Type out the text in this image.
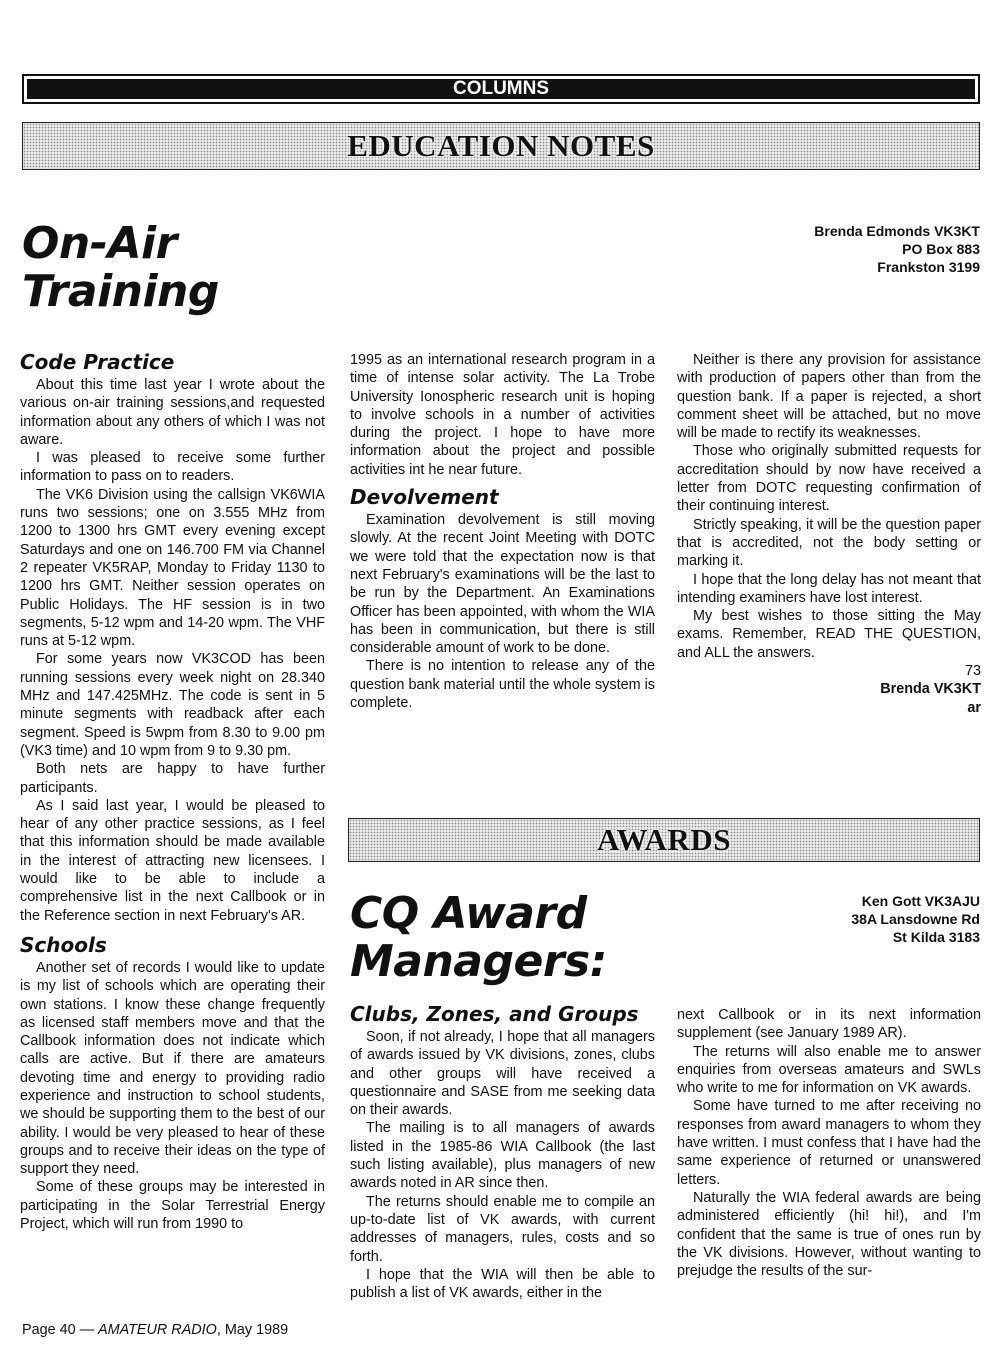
COLUMNS
EDUCATION NOTES
On-Air
Training
Brenda Edmonds VK3KT
PO Box 883
Frankston 3199
Code Practice

About this time last year I wrote about the various on-air training sessions,and requested information about any others of which I was not aware.

I was pleased to receive some further information to pass on to readers.

The VK6 Division using the callsign VK6WIA runs two sessions; one on 3.555 MHz from 1200 to 1300 hrs GMT every evening except Saturdays and one on 146.700 FM via Channel 2 repeater VK5RAP, Monday to Friday 1130 to 1200 hrs GMT. Neither session operates on Public Holidays. The HF session is in two segments, 5-12 wpm and 14-20 wpm. The VHF runs at 5-12 wpm.

For some years now VK3COD has been running sessions every week night on 28.340 MHz and 147.425MHz. The code is sent in 5 minute segments with readback after each segment. Speed is 5wpm from 8.30 to 9.00 pm (VK3 time) and 10 wpm from 9 to 9.30 pm.

Both nets are happy to have further participants.

As I said last year, I would be pleased to hear of any other practice sessions, as I feel that this information should be made available in the interest of attracting new licensees. I would like to be able to include a comprehensive list in the next Callbook or in the Reference section in next February's AR.

Schools

Another set of records I would like to update is my list of schools which are operating their own stations. I know these change frequently as licensed staff members move and that the Callbook information does not indicate which calls are active. But if there are amateurs devoting time and energy to providing radio experience and instruction to school students, we should be supporting them to the best of our ability. I would be very pleased to hear of these groups and to receive their ideas on the type of support they need.

Some of these groups may be interested in participating in the Solar Terrestrial Energy Project, which will run from 1990 to

1995 as an international research program in a time of intense solar activity. The La Trobe University Ionospheric research unit is hoping to involve schools in a number of activities during the project. I hope to have more information about the project and possible activities int he near future.

Devolvement

Examination devolvement is still moving slowly. At the recent Joint Meeting with DOTC we were told that the expectation now is that next February's examinations will be the last to be run by the Department. An Examinations Officer has been appointed, with whom the WIA has been in communication, but there is still considerable amount of work to be done.

There is no intention to release any of the question bank material until the whole system is complete.

Neither is there any provision for assistance with production of papers other than from the question bank. If a paper is rejected, a short comment sheet will be attached, but no move will be made to rectify its weaknesses.

Those who originally submitted requests for accreditation should by now have received a letter from DOTC requesting confirmation of their continuing interest.

Strictly speaking, it will be the question paper that is accredited, not the body setting or marking it.

I hope that the long delay has not meant that intending examiners have lost interest.

My best wishes to those sitting the May exams. Remember, READ THE QUESTION, and ALL the answers.

73

Brenda VK3KT

ar

AWARDS
CQ Award
Managers:
Ken Gott VK3AJU
38A Lansdowne Rd
St Kilda 3183
Clubs, Zones, and Groups

Soon, if not already, I hope that all managers of awards issued by VK divisions, zones, clubs and other groups will have received a questionnaire and SASE from me seeking data on their awards.

The mailing is to all managers of awards listed in the 1985-86 WIA Callbook (the last such listing available), plus managers of new awards noted in AR since then.

The returns should enable me to compile an up-to-date list of VK awards, with current addresses of managers, rules, costs and so forth.

I hope that the WIA will then be able to publish a list of VK awards, either in the

next Callbook or in its next information supplement (see January 1989 AR).

The returns will also enable me to answer enquiries from overseas amateurs and SWLs who write to me for information on VK awards.

Some have turned to me after receiving no responses from award managers to whom they have written. I must confess that I have had the same experience of returned or unanswered letters.

Naturally the WIA federal awards are being administered efficiently (hi! hi!), and I'm confident that the same is true of ones run by the VK divisions. However, without wanting to prejudge the results of the sur-

Page 40 — AMATEUR RADIO, May 1989
